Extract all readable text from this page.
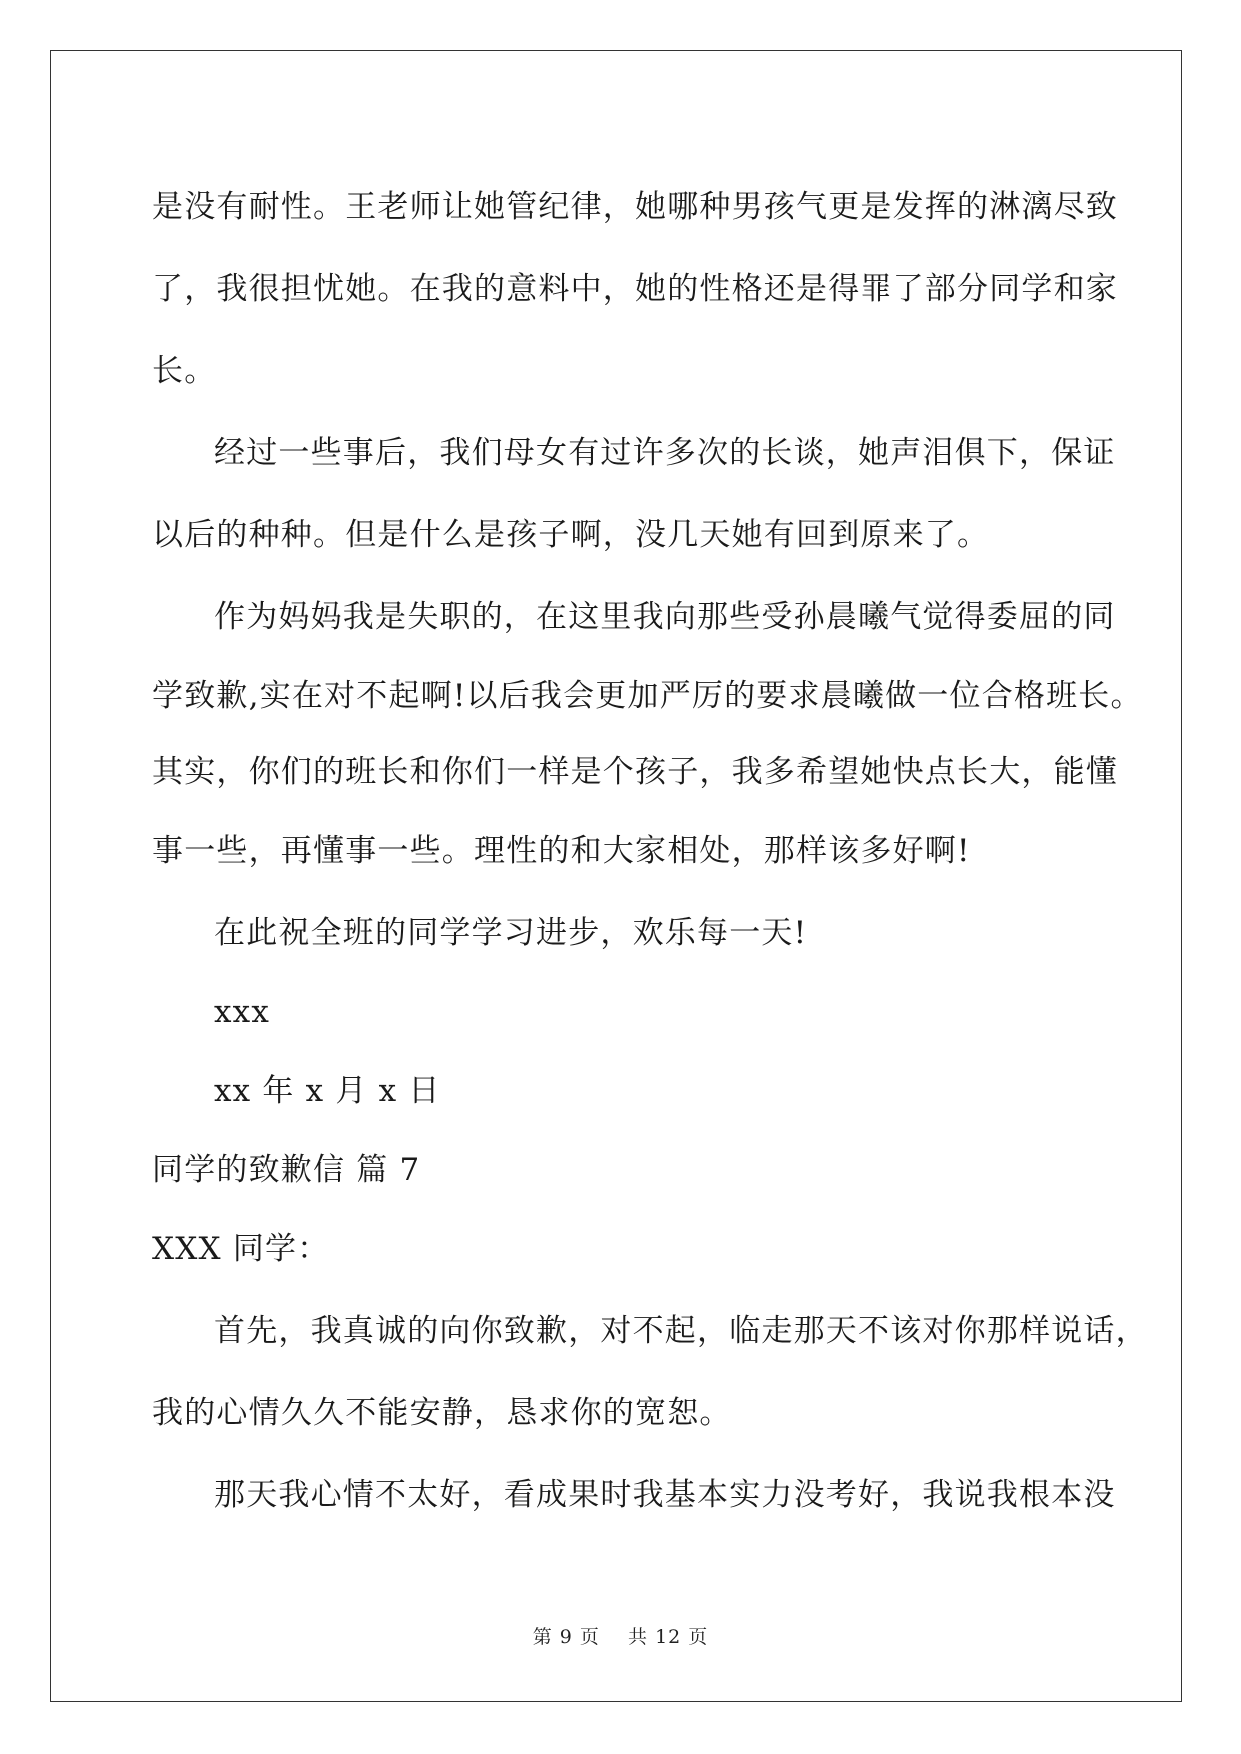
是没有耐性。王老师让她管纪律，她哪种男孩气更是发挥的淋漓尽致
了，我很担忧她。在我的意料中，她的性格还是得罪了部分同学和家
长。
经过一些事后，我们母女有过许多次的长谈，她声泪俱下，保证
以后的种种。但是什么是孩子啊，没几天她有回到原来了。
作为妈妈我是失职的，在这里我向那些受孙晨曦气觉得委屈的同
学致歉,实在对不起啊!以后我会更加严厉的要求晨曦做一位合格班长。
其实，你们的班长和你们一样是个孩子，我多希望她快点长大，能懂
事一些，再懂事一些。理性的和大家相处，那样该多好啊!
在此祝全班的同学学习进步，欢乐每一天!
xxx
xx 年 x 月 x 日
同学的致歉信 篇 7
XXX 同学：
首先，我真诚的向你致歉，对不起，临走那天不该对你那样说话，
我的心情久久不能安静，恳求你的宽恕。
那天我心情不太好，看成果时我基本实力没考好，我说我根本没
第 9 页 共 12 页
